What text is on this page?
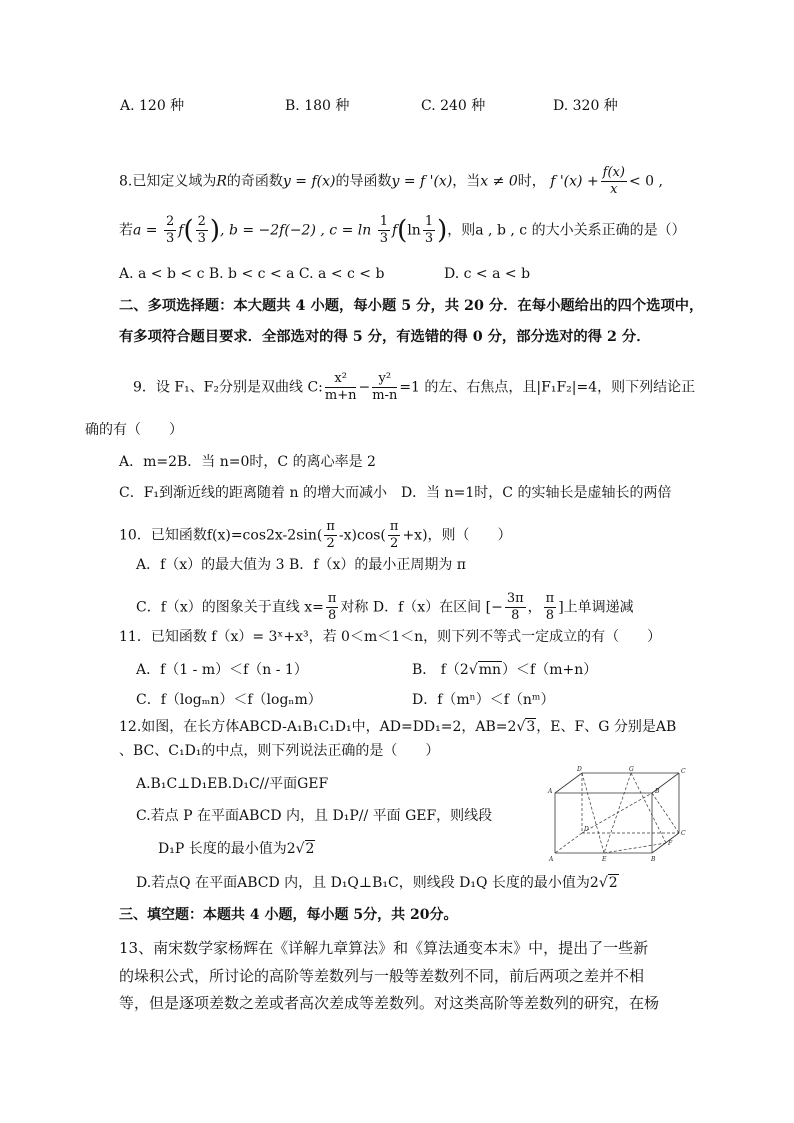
A. 120 种	B. 180 种	C. 240 种	D. 320 种
8.已知定义域为R的奇函数y = f(x)的导函数y = f '(x)，当x ≠ 0时， f '$(x) + \frac{f(x)}{x} < 0$ ,
若$a = \frac{2}{3} f( \frac{2}{3}$ ), b = −2f(−2) , $c = \ln \frac{1}{3} f(\ln \frac{1}{3}$ )，则a , b , c 的大小关系正确的是（）
A. a < b < c B. b < c < a C. a < c < b	D. c < a < b
二、多项选择题：本大题共 4 小题，每小题 5 分，共 20 分．在每小题给出的四个选项中，
有多项符合题目要求．全部选对的得 5 分，有选错的得 0 分，部分选对的得 2 分．
9．设 F₁、F₂分别是双曲线 C: $\frac{\text{x²}}{m+n} - \frac{\text{y²}}{m-n} =1$ 的左、右焦点，且|F₁F₂|=4，则下列结论正
确的有（　　）
A．m=2B．当 n=0时，C 的离心率是 2
C．F₁到渐近线的距离随着 n 的增大而减小　D．当 n=1时，C 的实轴长是虚轴长的两倍
10．已知函数$f(x)=\cos 2x-2\sin( \frac{\pi}{2} -x)\cos( \frac{\pi}{2} +x)$，则（　　）
A．f（x）的最大值为 3 B．f（x）的最小正周期为 π
C．f（x）的图象关于直线 $x= \frac{\pi}{8}$ 对称 D．f（x）在区间 [− $\frac{3\pi}{8}$ ， $\frac{\pi}{8}$ ]上单调递减
11．已知函数 f（x）= 3ˣ+x³，若 0＜m＜1＜n，则下列不等式一定成立的有（　　）
A．f（1 - m）＜f（n - 1）	B． f（2√mn）＜f（m+n）
C．f（logₘn）＜f（logₙm）	D．f（mⁿ）＜f（nᵐ）
12.如图，在长方体ABCD-A₁B₁C₁D₁中，AD=DD₁=2，AB=2√3，E、F、G 分别是AB
、BC、C₁D₁的中点，则下列说法正确的是（　　）
A.B₁C⊥D₁EB.D₁C//平面GEF
C.若点 P 在平面ABCD 内，且 D₁P// 平面 GEF，则线段
D₁P 长度的最小值为2√2
D.若点Q 在平面ABCD 内，且 D₁Q⊥B₁C，则线段 D₁Q 长度的最小值为2√2
D	G	C
A	B
E
F
D
C
A	B
三、填空题：本题共 4 小题，每小题 5分，共 20分。
13、南宋数学家杨辉在《详解九章算法》和《算法通变本末》中，提出了一些新
的垛积公式，所讨论的高阶等差数列与一般等差数列不同，前后两项之差并不相
等，但是逐项差数之差或者高次差成等差数列。对这类高阶等差数列的研究，在杨
